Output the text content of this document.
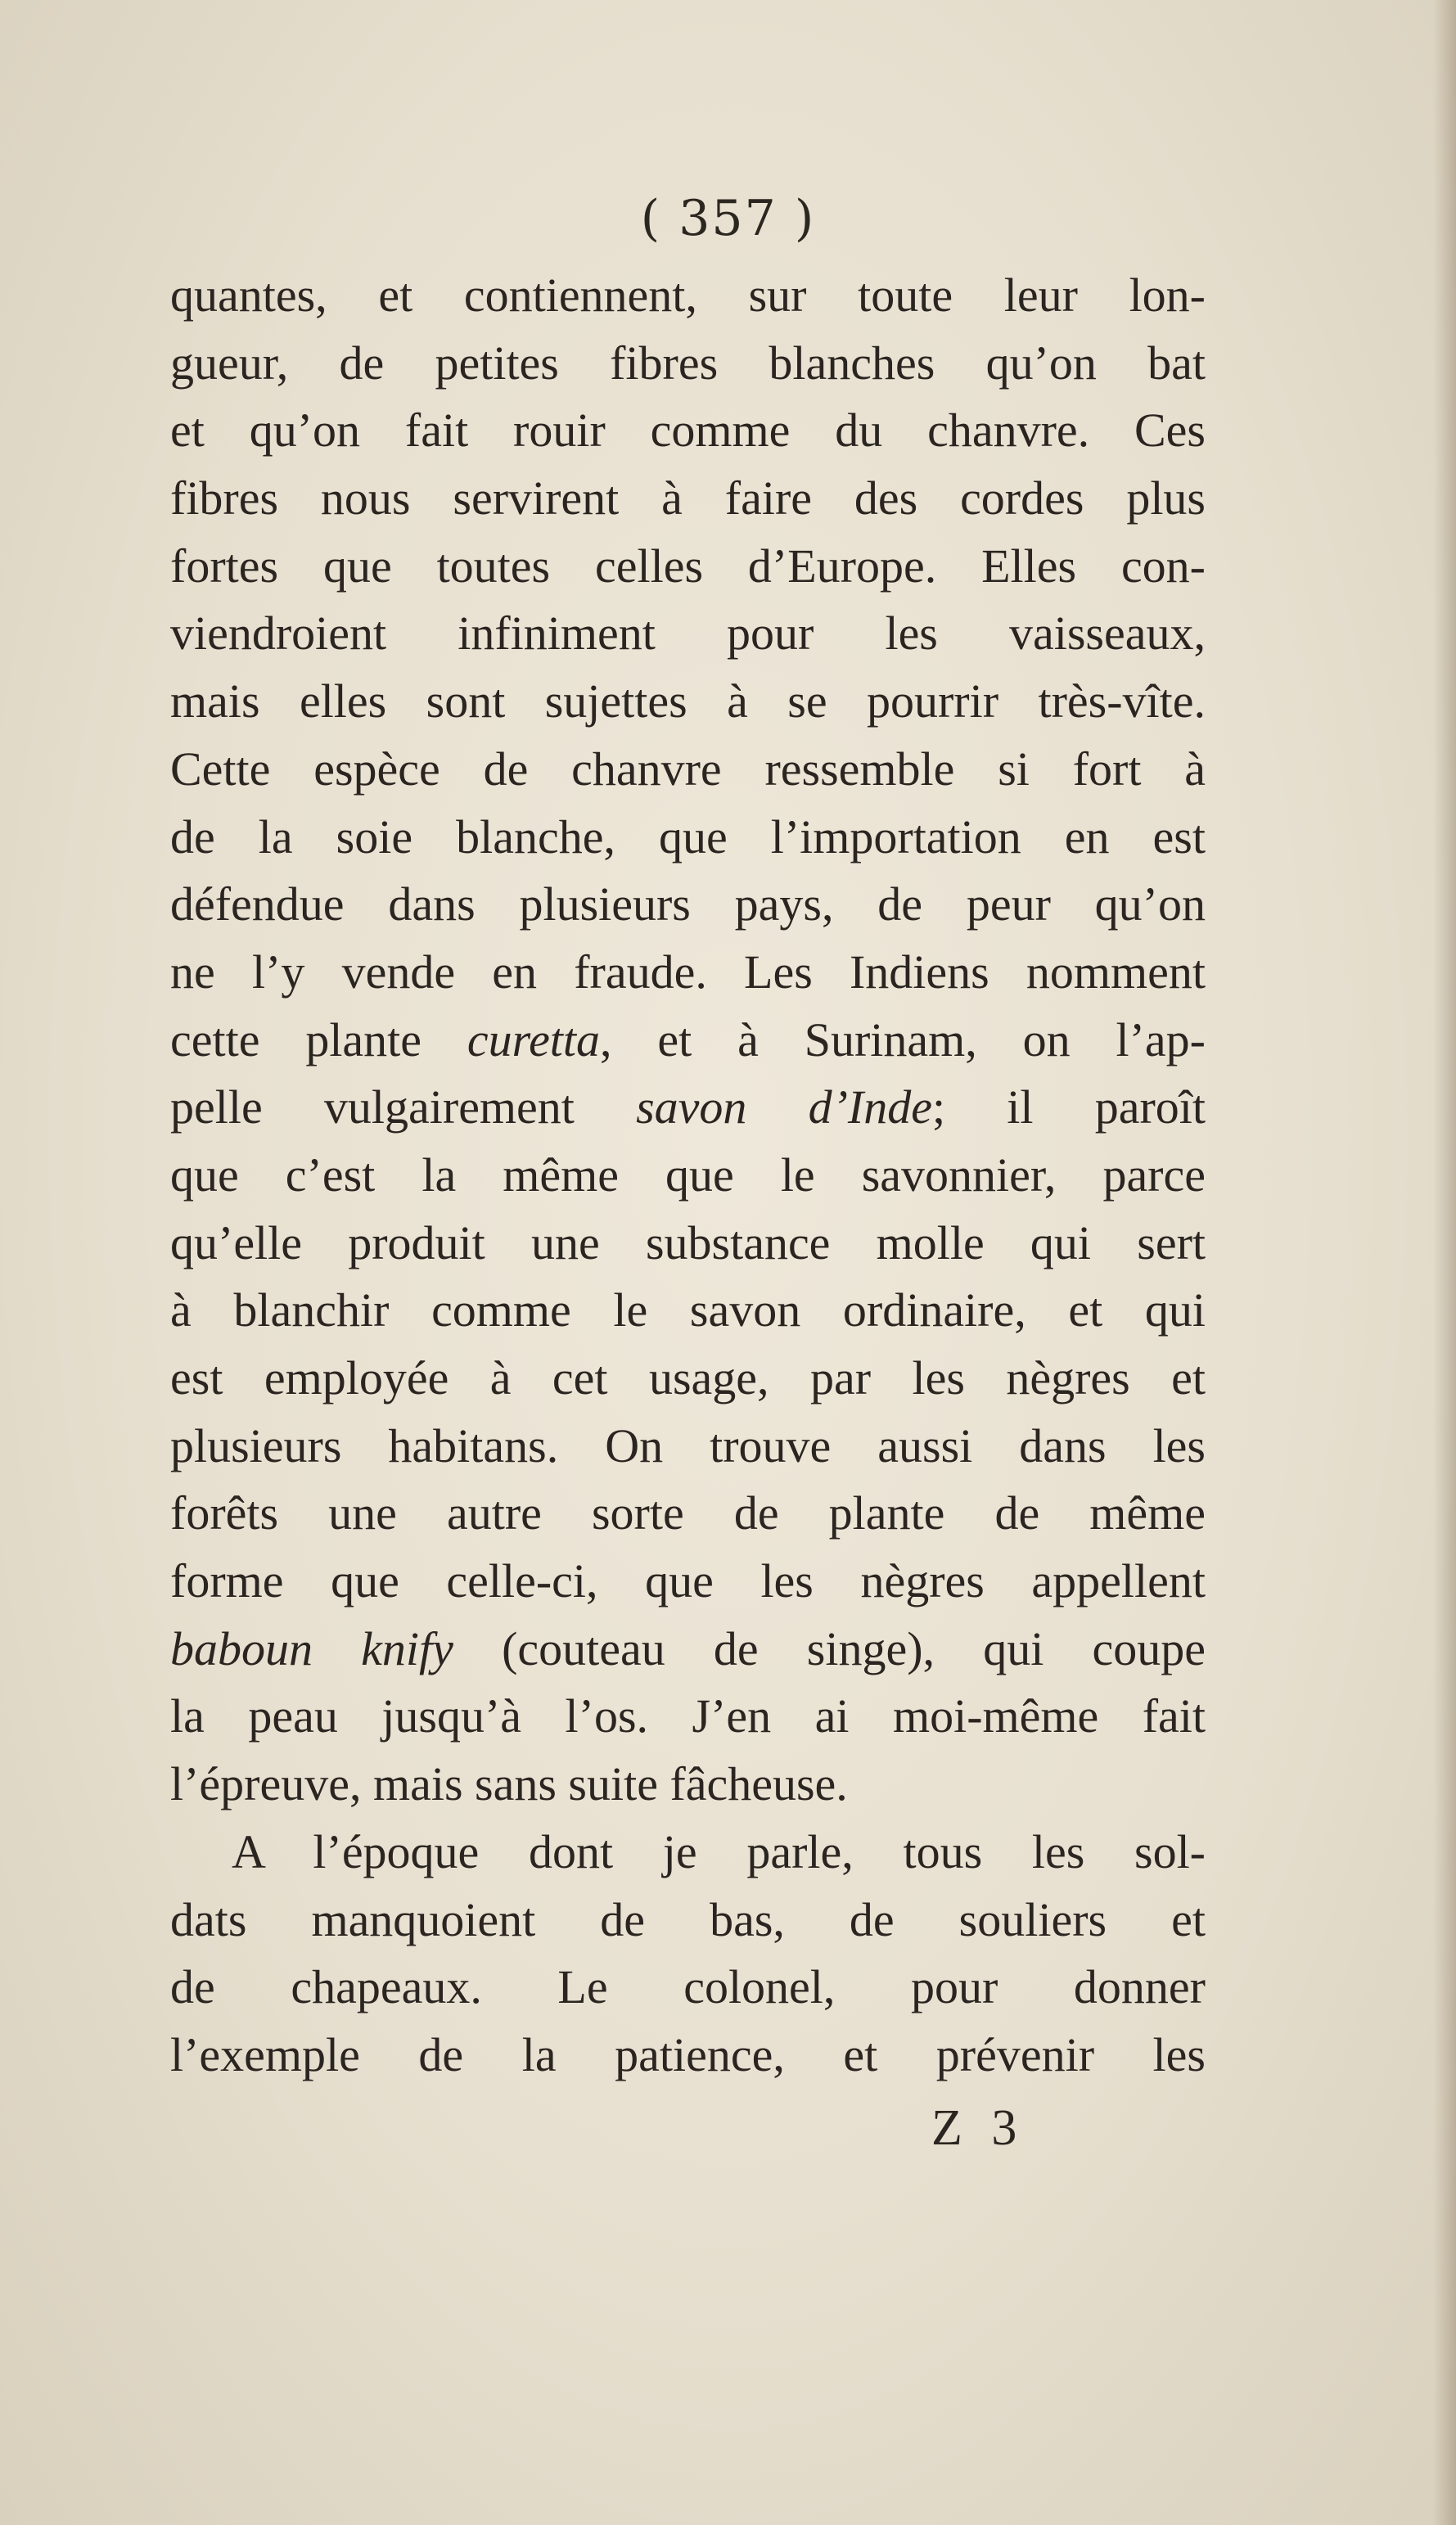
( 357 )
quantes, et contiennent, sur toute leur lon-
gueur, de petites fibres blanches qu’on bat
et qu’on fait rouir comme du chanvre. Ces
fibres nous servirent à faire des cordes plus
fortes que toutes celles d’Europe. Elles con-
viendroient infiniment pour les vaisseaux,
mais elles sont sujettes à se pourrir très-vîte.
Cette espèce de chanvre ressemble si fort à
de la soie blanche, que l’importation en est
défendue dans plusieurs pays, de peur qu’on
ne l’y vende en fraude. Les Indiens nomment
cette plante curetta, et à Surinam, on l’ap-
pelle vulgairement savon d’Inde; il paroît
que c’est la même que le savonnier, parce
qu’elle produit une substance molle qui sert
à blanchir comme le savon ordinaire, et qui
est employée à cet usage, par les nègres et
plusieurs habitans. On trouve aussi dans les
forêts une autre sorte de plante de même
forme que celle-ci, que les nègres appellent
baboun knify (couteau de singe), qui coupe
la peau jusqu’à l’os. J’en ai moi-même fait
l’épreuve, mais sans suite fâcheuse.
A l’époque dont je parle, tous les sol-
dats manquoient de bas, de souliers et
de chapeaux. Le colonel, pour donner
l’exemple de la patience, et prévenir les
Z 3
